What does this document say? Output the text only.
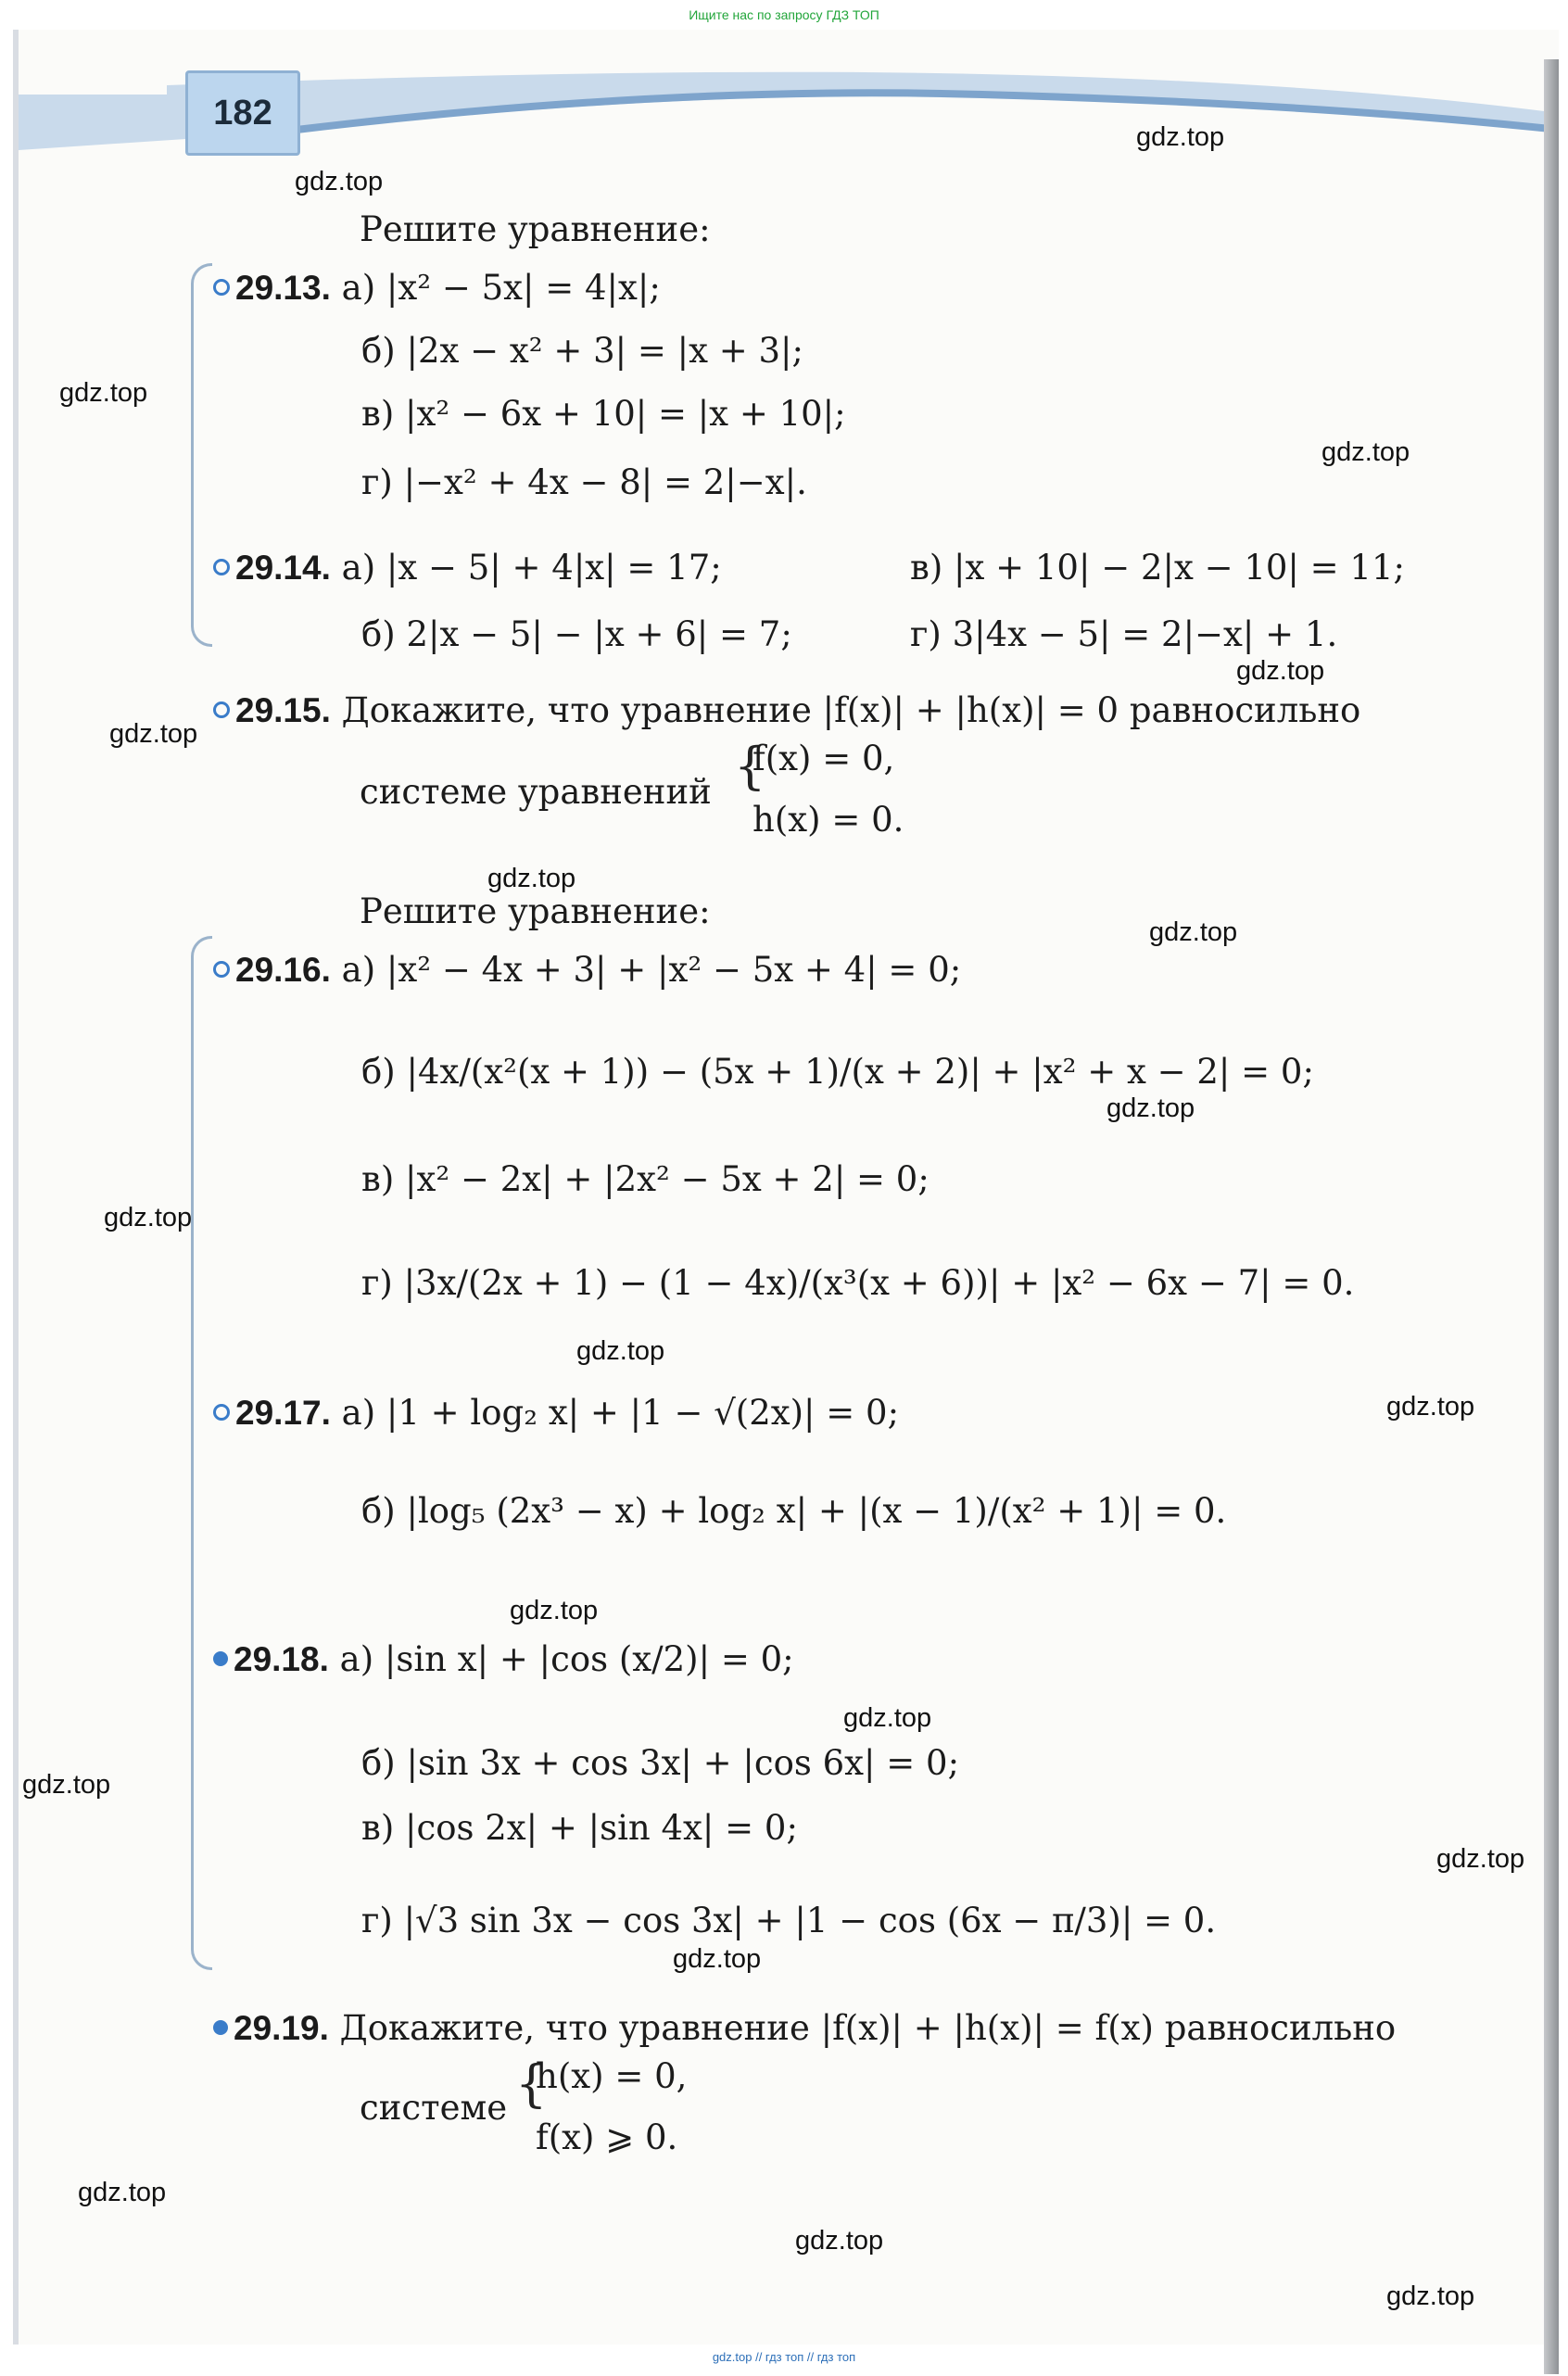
Ищите нас по запросу ГДЗ ТОП
182
gdz.top
gdz.top
gdz.top
gdz.top
gdz.top
gdz.top
gdz.top
gdz.top
gdz.top
gdz.top
gdz.top
gdz.top
gdz.top
gdz.top
gdz.top
gdz.top
gdz.top
gdz.top
gdz.top
gdz.top
Решите уравнение:
Решите уравнение:
29.13. а) |x² − 5x| = 4|x|;
б) |2x − x² + 3| = |x + 3|;
в) |x² − 6x + 10| = |x + 10|;
г) |−x² + 4x − 8| = 2|−x|.
29.14. а) |x − 5| + 4|x| = 17;	в) |x + 10| − 2|x − 10| = 11;
б) 2|x − 5| − |x + 6| = 7;	г) 3|4x − 5| = 2|−x| + 1.
29.15. Докажите, что уравнение |f(x)| + |h(x)| = 0 равносильно
системе уравнений {
f(x) = 0,
h(x) = 0.
29.16. а) |x² − 4x + 3| + |x² − 5x + 4| = 0;
б) |4x/(x²(x + 1)) − (5x + 1)/(x + 2)| + |x² + x − 2| = 0;
в) |x² − 2x| + |2x² − 5x + 2| = 0;
г) |3x/(2x + 1) − (1 − 4x)/(x³(x + 6))| + |x² − 6x − 7| = 0.
29.17. а) |1 + log₂ x| + |1 − √(2x)| = 0;
б) |log₅ (2x³ − x) + log₂ x| + |(x − 1)/(x² + 1)| = 0.
29.18. а) |sin x| + |cos (x/2)| = 0;
б) |sin 3x + cos 3x| + |cos 6x| = 0;
в) |cos 2x| + |sin 4x| = 0;
г) |√3 sin 3x − cos 3x| + |1 − cos (6x − π/3)| = 0.
29.19. Докажите, что уравнение |f(x)| + |h(x)| = f(x) равносильно
системе {
h(x) = 0,
f(x) ⩾ 0.
gdz.top // гдз топ // гдз топ
